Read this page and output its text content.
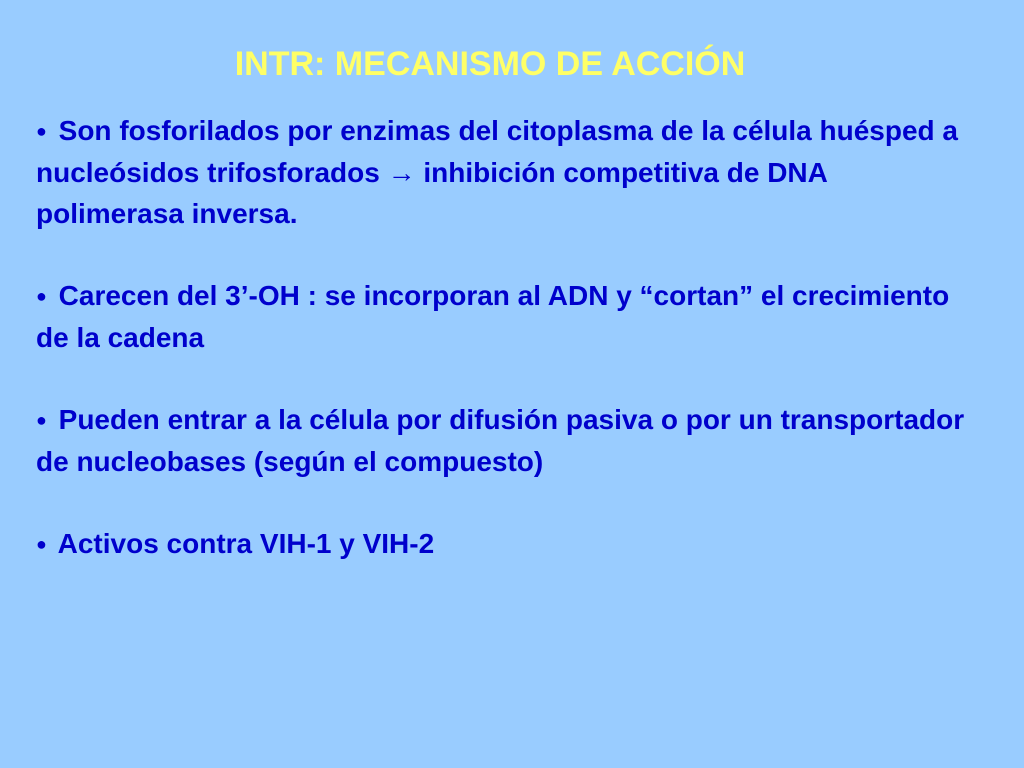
INTR: MECANISMO DE ACCIÓN
● Son fosforilados por enzimas del citoplasma de la célula huésped a nucleósidos trifosforados → inhibición competitiva de DNA polimerasa inversa.
● Carecen del 3’-OH : se incorporan al ADN y “cortan” el crecimiento de la cadena
● Pueden entrar a la célula por difusión pasiva o por un transportador de nucleobases (según el compuesto)
● Activos contra VIH-1 y VIH-2
